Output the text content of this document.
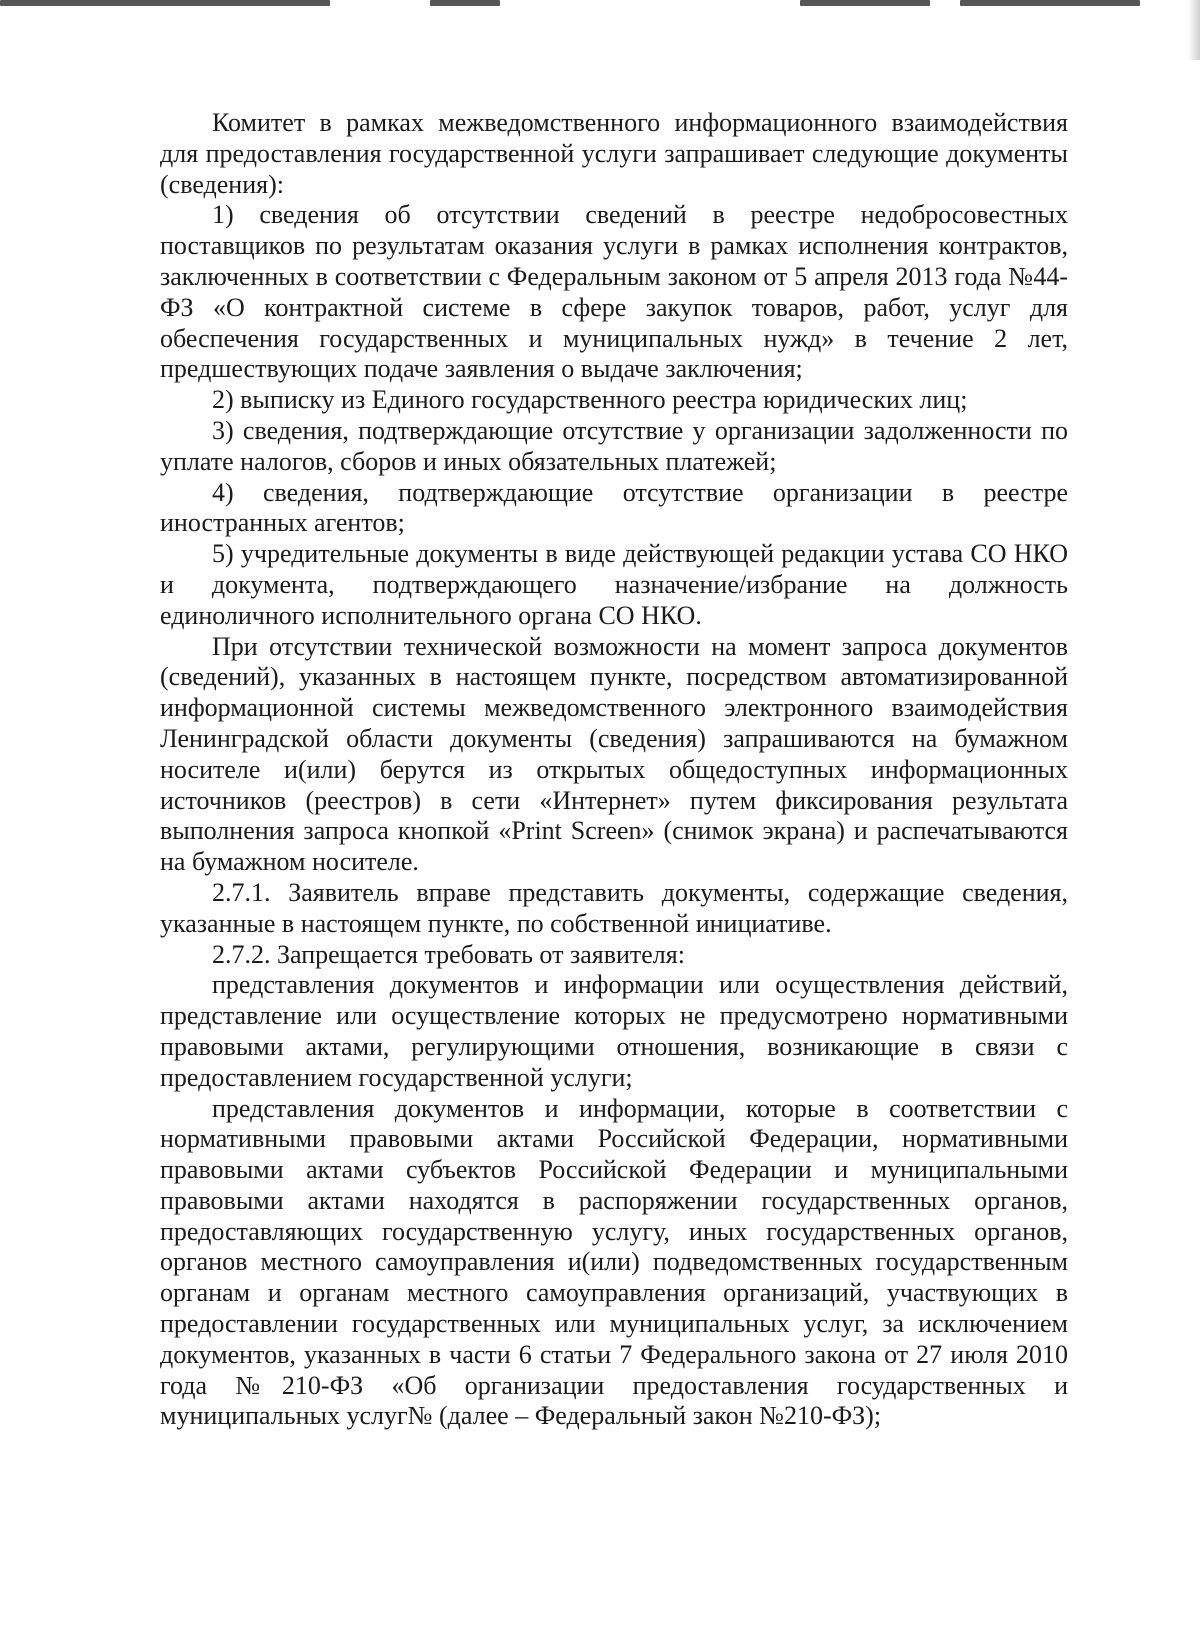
Комитет в рамках межведомственного информационного взаимодействия для предоставления государственной услуги запрашивает следующие документы (сведения):

1) сведения об отсутствии сведений в реестре недобросовестных поставщиков по результатам оказания услуги в рамках исполнения контрактов, заключенных в соответствии с Федеральным законом от 5 апреля 2013 года №44-ФЗ «О контрактной системе в сфере закупок товаров, работ, услуг для обеспечения государственных и муниципальных нужд» в течение 2 лет, предшествующих подаче заявления о выдаче заключения;

2) выписку из Единого государственного реестра юридических лиц;

3) сведения, подтверждающие отсутствие у организации задолженности по уплате налогов, сборов и иных обязательных платежей;

4) сведения, подтверждающие отсутствие организации в реестре иностранных агентов;

5) учредительные документы в виде действующей редакции устава СО НКО и документа, подтверждающего назначение/избрание на должность единоличного исполнительного органа СО НКО.

При отсутствии технической возможности на момент запроса документов (сведений), указанных в настоящем пункте, посредством автоматизированной информационной системы межведомственного электронного взаимодействия Ленинградской области документы (сведения) запрашиваются на бумажном носителе и(или) берутся из открытых общедоступных информационных источников (реестров) в сети «Интернет» путем фиксирования результата выполнения запроса кнопкой «Print Screen» (снимок экрана) и распечатываются на бумажном носителе.

2.7.1. Заявитель вправе представить документы, содержащие сведения, указанные в настоящем пункте, по собственной инициативе.

2.7.2. Запрещается требовать от заявителя:

представления документов и информации или осуществления действий, представление или осуществление которых не предусмотрено нормативными правовыми актами, регулирующими отношения, возникающие в связи с предоставлением государственной услуги;

представления документов и информации, которые в соответствии с нормативными правовыми актами Российской Федерации, нормативными правовыми актами субъектов Российской Федерации и муниципальными правовыми актами находятся в распоряжении государственных органов, предоставляющих государственную услугу, иных государственных органов, органов местного самоуправления и(или) подведомственных государственным органам и органам местного самоуправления организаций, участвующих в предоставлении государственных или муниципальных услуг, за исключением документов, указанных в части 6 статьи 7 Федерального закона от 27 июля 2010 года №210-ФЗ «Об организации предоставления государственных и муниципальных услуг№ (далее – Федеральный закон №210-ФЗ);
